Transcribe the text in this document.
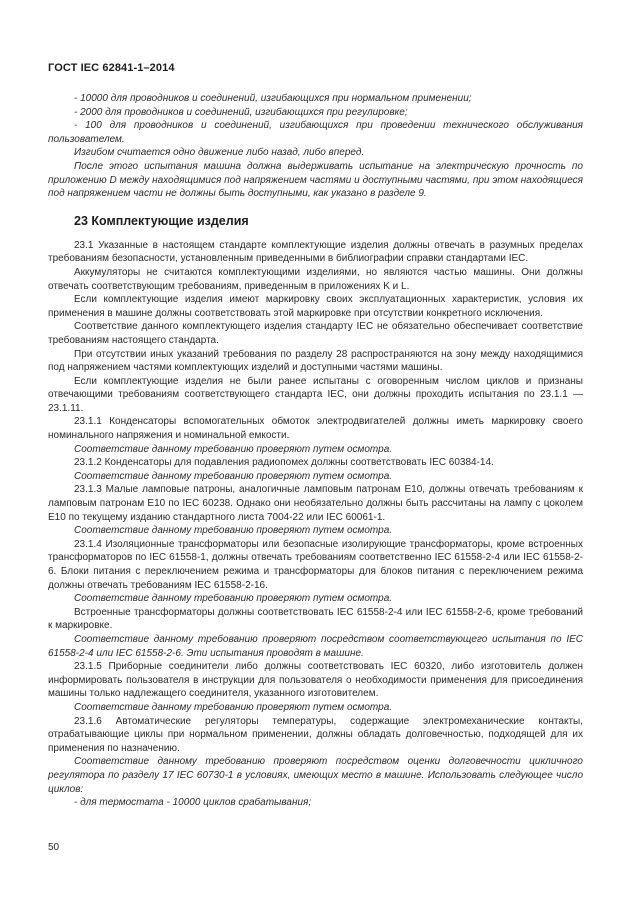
ГОСТ IEC 62841-1–2014

- 10000 для проводников и соединений, изгибающихся при нормальном применении;

- 2000 для проводников и соединений, изгибающихся при регулировке;

- 100 для проводников и соединений, изгибающихся при проведении технического обслуживания пользователем.

Изгибом считается одно движение либо назад, либо вперед.

После этого испытания машина должна выдерживать испытание на электрическую прочность по приложению D между находящимися под напряжением частями и доступными частями, при этом находящиеся под напряжением части не должны быть доступными, как указано в разделе 9.

23 Комплектующие изделия

23.1 Указанные в настоящем стандарте комплектующие изделия должны отвечать в разумных пределах требованиям безопасности, установленным приведенными в библиографии справки стандартами IEC.

Аккумуляторы не считаются комплектующими изделиями, но являются частью машины. Они должны отвечать соответствующим требованиям, приведенным в приложениях K и L.

Если комплектующие изделия имеют маркировку своих эксплуатационных характеристик, условия их применения в машине должны соответствовать этой маркировке при отсутствии конкретного исключения.

Соответствие данного комплектующего изделия стандарту IEC не обязательно обеспечивает соответствие требованиям настоящего стандарта.

При отсутствии иных указаний требования по разделу 28 распространяются на зону между находящимися под напряжением частями комплектующих изделий и доступными частями машины.

Если комплектующие изделия не были ранее испытаны с оговоренным числом циклов и признаны отвечающими требованиям соответствующего стандарта IEC, они должны проходить испытания по 23.1.1 — 23.1.11.

23.1.1 Конденсаторы вспомогательных обмоток электродвигателей должны иметь маркировку своего номинального напряжения и номинальной емкости.

Соответствие данному требованию проверяют путем осмотра.

23.1.2 Конденсаторы для подавления радиопомех должны соответствовать IEC 60384-14.

Соответствие данному требованию проверяют путем осмотра.

23.1.3 Малые ламповые патроны, аналогичные ламповым патронам E10, должны отвечать требованиям к ламповым патронам E10 по IEC 60238. Однако они необязательно должны быть рассчитаны на лампу с цоколем E10 по текущему изданию стандартного листа 7004-22 или IEC 60061-1.

Соответствие данному требованию проверяют путем осмотра.

23.1.4 Изоляционные трансформаторы или безопасные изолирующие трансформаторы, кроме встроенных трансформаторов по IEC 61558-1, должны отвечать требованиям соответственно IEC 61558-2-4 или IEC 61558-2-6. Блоки питания с переключением режима и трансформаторы для блоков питания с переключением режима должны отвечать требованиям IEC 61558-2-16.

Соответствие данному требованию проверяют путем осмотра.

Встроенные трансформаторы должны соответствовать IEC 61558-2-4 или IEC 61558-2-6, кроме требований к маркировке.

Соответствие данному требованию проверяют посредством соответствующего испытания по IEC 61558-2-4 или IEC 61558-2-6. Эти испытания проводят в машине.

23.1.5 Приборные соединители либо должны соответствовать IEC 60320, либо изготовитель должен информировать пользователя в инструкции для пользователя о необходимости применения для присоединения машины только надлежащего соединителя, указанного изготовителем.

Соответствие данному требованию проверяют путем осмотра.

23.1.6 Автоматические регуляторы температуры, содержащие электромеханические контакты, отрабатывающие циклы при нормальном применении, должны обладать долговечностью, подходящей для их применения по назначению.

Соответствие данному требованию проверяют посредством оценки долговечности цикличного регулятора по разделу 17 IEC 60730-1 в условиях, имеющих место в машине. Использовать следующее число циклов:

- для термостата - 10000 циклов срабатывания;

50
